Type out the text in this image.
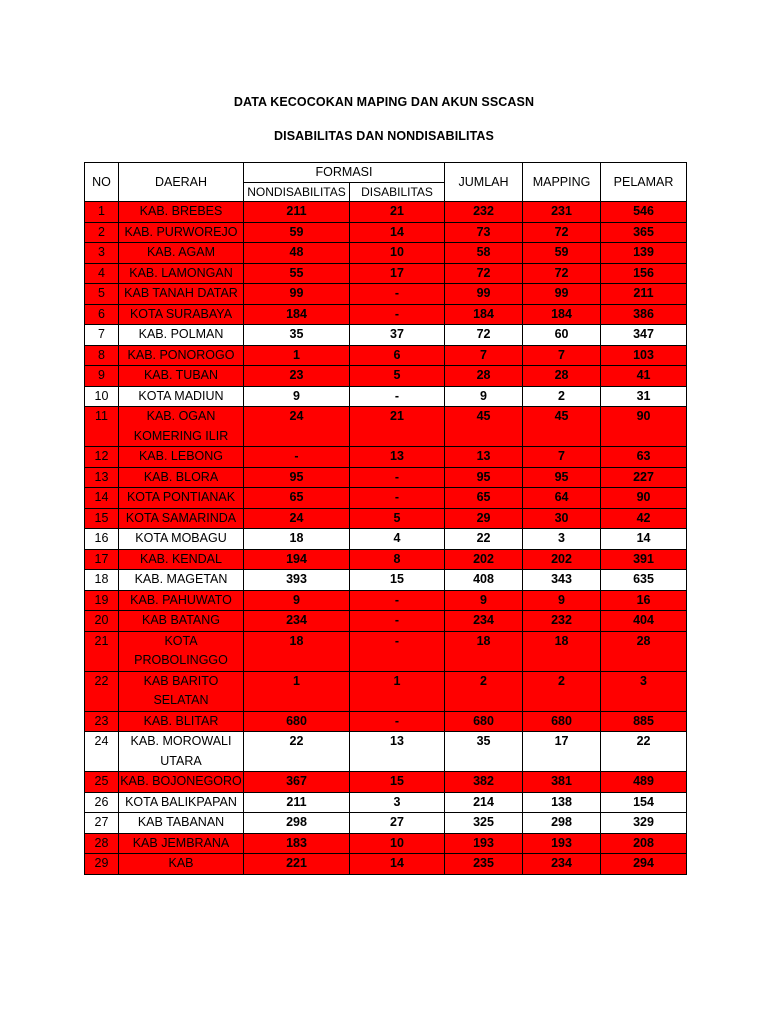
DATA KECOCOKAN MAPING DAN AKUN SSCASN
DISABILITAS DAN NONDISABILITAS
NO	DAERAH	FORMASI		JUMLAH	MAPPING	PELAMAR
		NONDISABILITAS	DISABILITAS			
1	KAB. BREBES	211	21	232	231	546
2	KAB. PURWOREJO	59	14	73	72	365
3	KAB. AGAM	48	10	58	59	139
4	KAB. LAMONGAN	55	17	72	72	156
5	KAB TANAH DATAR	99	-	99	99	211
6	KOTA SURABAYA	184	-	184	184	386
7	KAB. POLMAN	35	37	72	60	347
8	KAB. PONOROGO	1	6	7	7	103
9	KAB. TUBAN	23	5	28	28	41
10	KOTA MADIUN	9	-	9	2	31
11	KAB. OGAN KOMERING ILIR	24	21	45	45	90
12	KAB. LEBONG	-	13	13	7	63
13	KAB. BLORA	95	-	95	95	227
14	KOTA PONTIANAK	65	-	65	64	90
15	KOTA SAMARINDA	24	5	29	30	42
16	KOTA MOBAGU	18	4	22	3	14
17	KAB. KENDAL	194	8	202	202	391
18	KAB. MAGETAN	393	15	408	343	635
19	KAB. PAHUWATO	9	-	9	9	16
20	KAB BATANG	234	-	234	232	404
21	KOTA PROBOLINGGO	18	-	18	18	28
22	KAB BARITO SELATAN	1	1	2	2	3
23	KAB. BLITAR	680	-	680	680	885
24	KAB. MOROWALI UTARA	22	13	35	17	22
25	KAB. BOJONEGORO	367	15	382	381	489
26	KOTA BALIKPAPAN	211	3	214	138	154
27	KAB TABANAN	298	27	325	298	329
28	KAB JEMBRANA	183	10	193	193	208
29	KAB	221	14	235	234	294
